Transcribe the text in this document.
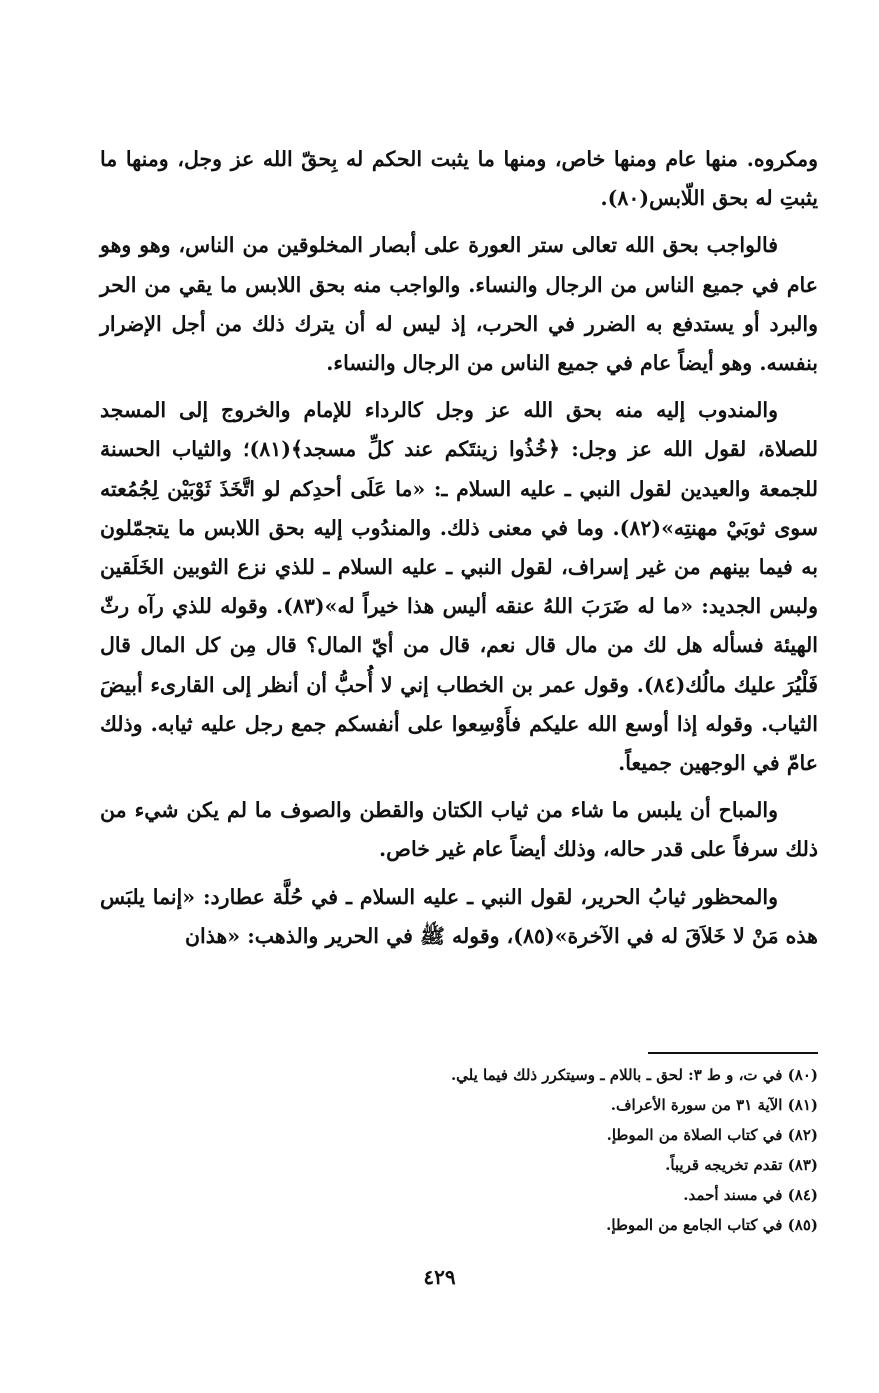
ومكروه. منها عام ومنها خاص، ومنها ما يثبت الحكم له بِحقّ الله عز وجل، ومنها ما يثبتِ له بحق اللّابس(٨٠).

فالواجب بحق الله تعالى ستر العورة على أبصار المخلوقين من الناس، وهو وهو عام في جميع الناس من الرجال والنساء. والواجب منه بحق اللابس ما يقي من الحر والبرد أو يستدفع به الضرر في الحرب، إذ ليس له أن يترك ذلك من أجل الإضرار بنفسه. وهو أيضاً عام في جميع الناس من الرجال والنساء.

والمندوب إليه منه بحق الله عز وجل كالرداء للإمام والخروج إلى المسجد للصلاة، لقول الله عز وجل: ﴿خُذُوا زينتَكم عند كلِّ مسجد﴾(٨١)؛ والثياب الحسنة للجمعة والعيدين لقول النبي ـ عليه السلام ـ: «ما عَلَى أحدِكم لو اتَّخَذَ ثَوْبَيْن لِجُمُعته سوى ثوبَيْ مهنتِه»(٨٢). وما في معنى ذلك. والمندُوب إليه بحق اللابس ما يتجمّلون به فيما بينهم من غير إسراف، لقول النبي ـ عليه السلام ـ للذي نزع الثوبين الخَلَقين ولبس الجديد: «ما له ضَرَبَ اللهُ عنقه أليس هذا خيراً له»(٨٣). وقوله للذي رآه رثّ الهيئة فسأله هل لك من مال قال نعم، قال من أيّ المال؟ قال مِن كل المال قال فَلْيُرَ عليك مالُك(٨٤). وقول عمر بن الخطاب إني لا أُحبُّ أن أنظر إلى القارىء أبيضَ الثياب. وقوله إذا أوسع الله عليكم فأَوْسِعوا على أنفسكم جمع رجل عليه ثيابه. وذلك عامّ في الوجهين جميعاً.

والمباح أن يلبس ما شاء من ثياب الكتان والقطن والصوف ما لم يكن شيء من ذلك سرفاً على قدر حاله، وذلك أيضاً عام غير خاص.

والمحظور ثيابُ الحرير، لقول النبي ـ عليه السلام ـ في حُلَّة عطارد: «إنما يلبَس هذه مَنْ لا خَلاَقَ له في الآخرة»(٨٥)، وقوله ﷺ في الحرير والذهب: «هذان

(٨٠) في ت، و ط ٣: لحق ـ باللام ـ وسيتكرر ذلك فيما يلي.
(٨١) الآية ٣١ من سورة الأعراف.
(٨٢) في كتاب الصلاة من الموطإ.
(٨٣) تقدم تخريجه قريباً.
(٨٤) في مسند أحمد.
(٨٥) في كتاب الجامع من الموطإ.
٤٢٩
